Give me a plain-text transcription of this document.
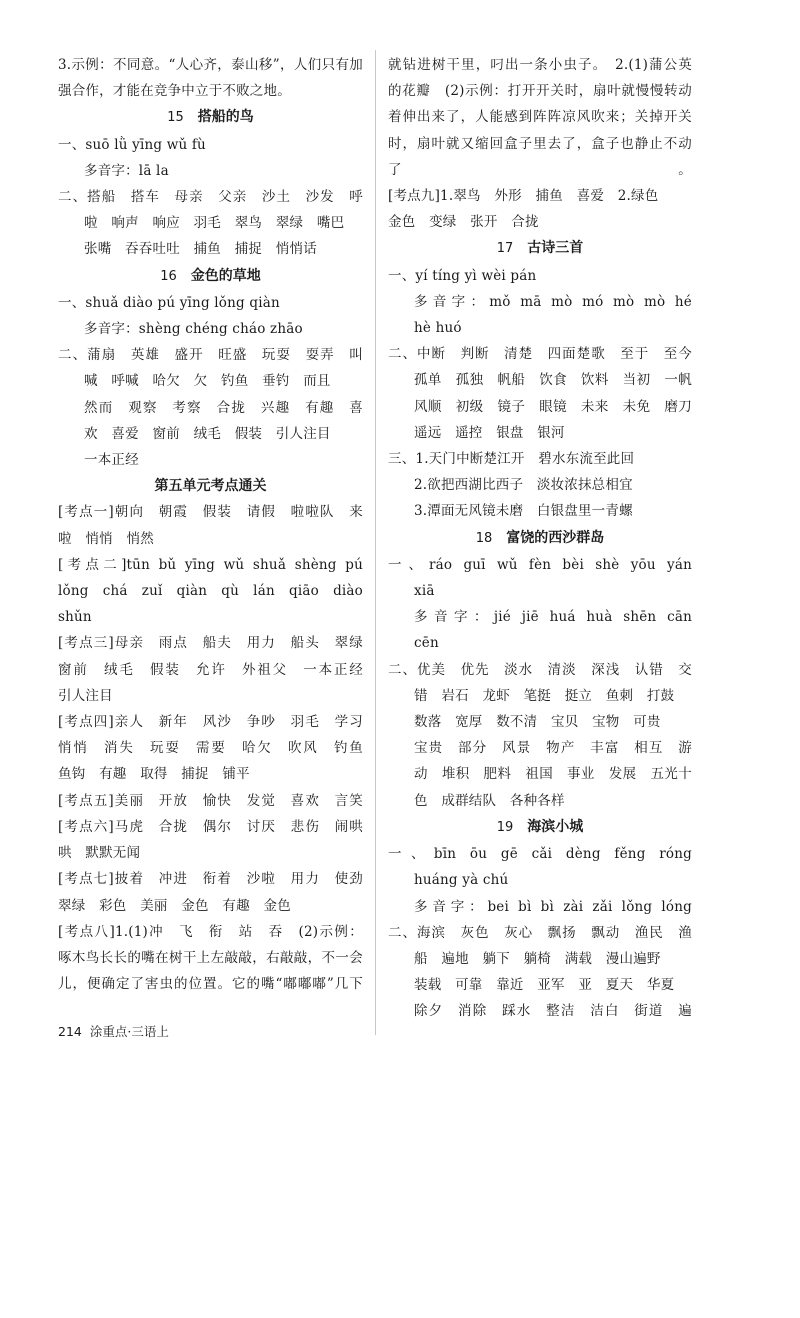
3.示例：不同意。“人心齐，泰山移”，人们只有加
强合作，才能在竞争中立于不败之地。
15 搭船的鸟
一、suō lǜ yīng wǔ fù
多音字：lā la
二、搭船　搭车　母亲　父亲　沙土　沙发　呼
啦　响声　响应　羽毛　翠鸟　翠绿　嘴巴
张嘴　吞吞吐吐　捕鱼　捕捉　悄悄话
16 金色的草地
一、shuǎ diào pú yīng lǒng qiàn
多音字：shèng chéng cháo zhāo
二、蒲扇　英雄　盛开　旺盛　玩耍　耍弄　叫
喊　呼喊　哈欠　欠　钓鱼　垂钓　而且
然而　观察　考察　合拢　兴趣　有趣　喜
欢　喜爱　窗前　绒毛　假装　引人注目
一本正经
第五单元考点通关
[考点一]朝向　朝霞　假装　请假　啦啦队　来
啦　悄悄　悄然
[考点二]tūn bǔ yīng wǔ shuǎ shèng pú
lǒng chá zuǐ qiàn qù lán qiāo diào
shǔn
[考点三]母亲　雨点　船夫　用力　船头　翠绿
窗前　绒毛　假装　允许　外祖父　一本正经
引人注目
[考点四]亲人　新年　风沙　争吵　羽毛　学习
悄悄　消失　玩耍　需要　哈欠　吹风　钓鱼
鱼钩　有趣　取得　捕捉　铺平
[考点五]美丽　开放　愉快　发觉　喜欢　言笑
[考点六]马虎　合拢　偶尔　讨厌　悲伤　闹哄
哄　默默无闻
[考点七]披着　冲进　衔着　沙啦　用力　使劲
翠绿　彩色　美丽　金色　有趣　金色
[考点八]1.(1)冲　飞　衔　站　吞　(2)示例：
啄木鸟长长的嘴在树干上左敲敲，右敲敲，不一会
儿，便确定了害虫的位置。它的嘴“嘟嘟嘟”几下
就钻进树干里，叼出一条小虫子。　2.(1)蒲公英
的花瓣　(2)示例：打开开关时，扇叶就慢慢转动
着伸出来了，人能感到阵阵凉风吹来；关掉开关
时，扇叶就又缩回盒子里去了，盒子也静止不动了。
[考点九]1.翠鸟　外形　捕鱼　喜爱　2.绿色
金色　变绿　张开　合拢
17 古诗三首
一、yí tíng yì wèi pán
多音字：mǒ mā mò mó mò mò hé
hè huó
二、中断　判断　清楚　四面楚歌　至于　至今
孤单　孤独　帆船　饮食　饮料　当初　一帆
风顺　初级　镜子　眼镜　未来　未免　磨刀
遥远　遥控　银盘　银河
三、1.天门中断楚江开　碧水东流至此回
2.欲把西湖比西子　淡妆浓抹总相宜
3.潭面无风镜未磨　白银盘里一青螺
18 富饶的西沙群岛
一、ráo guī wǔ fèn bèi shè yōu yán
xiā
多音字：jié jiē huá huà shēn cān
cēn
二、优美　优先　淡水　清淡　深浅　认错　交
错　岩石　龙虾　笔挺　挺立　鱼刺　打鼓
数落　宽厚　数不清　宝贝　宝物　可贵
宝贵　部分　风景　物产　丰富　相互　游
动　堆积　肥料　祖国　事业　发展　五光十
色　成群结队　各种各样
19 海滨小城
一、bīn ōu gē cǎi dèng fěng róng
huáng yà chú
多音字：bei bì bì zài zǎi lǒng lóng
二、海滨　灰色　灰心　飘扬　飘动　渔民　渔
船　遍地　躺下　躺椅　满载　漫山遍野
装载　可靠　靠近　亚军　亚　夏天　华夏
除夕　消除　踩水　整洁　洁白　街道　遍
214 涂重点·三语上
